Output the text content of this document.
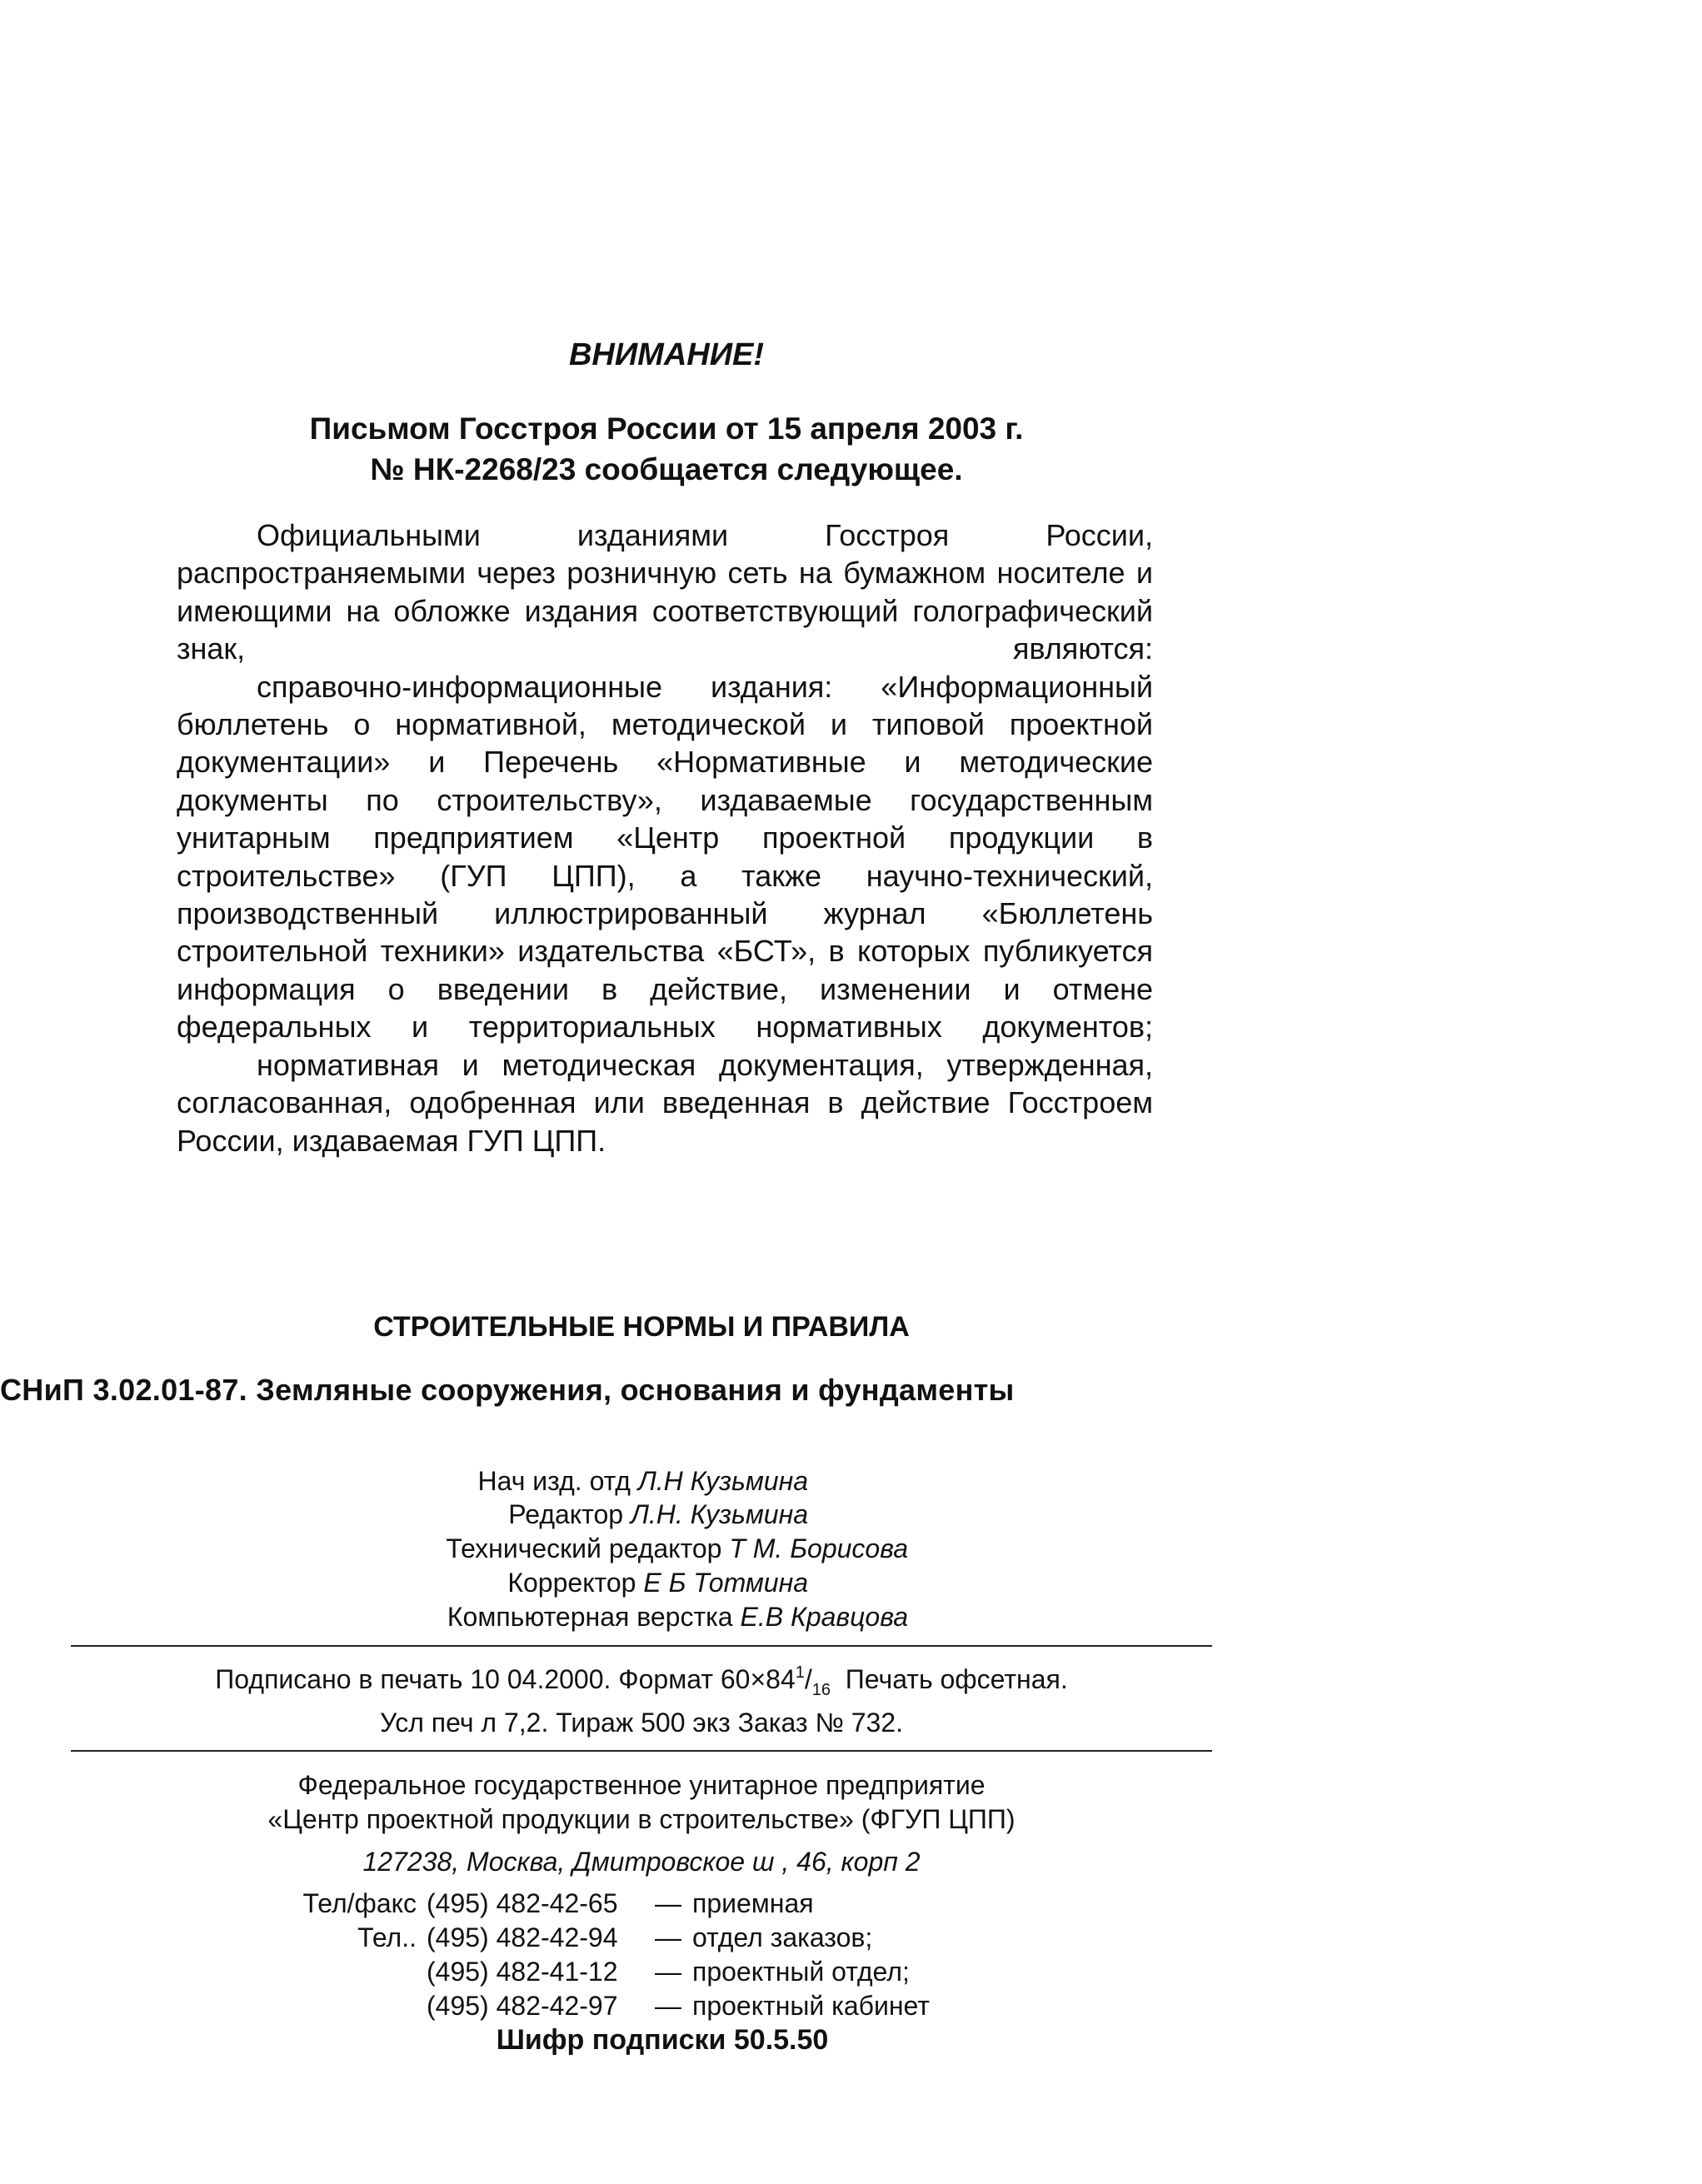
ВНИМАНИЕ!
Письмом Госстроя России от 15 апреля 2003 г.
№ НК-2268/23 сообщается следующее.

Официальными изданиями Госстроя России, распространяемыми через розничную сеть на бумажном носителе и имеющими на обложке издания соответствующий голографический знак, являются:

справочно-информационные издания: «Информационный бюллетень о нормативной, методической и типовой проектной документации» и Перечень «Нормативные и методические документы по строительству», издаваемые государственным унитарным предприятием «Центр проектной продукции в строительстве» (ГУП ЦПП), а также научно-технический, производственный иллюстрированный журнал «Бюллетень строительной техники» издательства «БСТ», в которых публикуется информация о введении в действие, изменении и отмене федеральных и территориальных нормативных документов;

нормативная и методическая документация, утвержденная, согласованная, одобренная или введенная в действие Госстроем России, издаваемая ГУП ЦПП.

СТРОИТЕЛЬНЫЕ НОРМЫ И ПРАВИЛА
СНиП 3.02.01-87. Земляные сооружения, основания и фундаменты
Нач изд. отд Л.Н Кузьмина
Редактор Л.Н. Кузьмина
Технический редактор Т М. Борисова
Корректор Е Б Тотмина
Компьютерная верстка Е.В Кравцова
Подписано в печать 10 04.2000. Формат $60\times 84^1/_{16}$ Печать офсетная.
Усл печ л 7,2. Тираж 500 экз Заказ № 732.
Федеральное государственное унитарное предприятие
«Центр проектной продукции в строительстве» (ФГУП ЦПП)
127238, Москва, Дмитровское ш , 46, корп 2
Тел/факс (495) 482-42-65 — приемная
Тел.. (495) 482-42-94 — отдел заказов;
(495) 482-41-12 — проектный отдел;
(495) 482-42-97 — проектный кабинет
Шифр подписки 50.5.50
